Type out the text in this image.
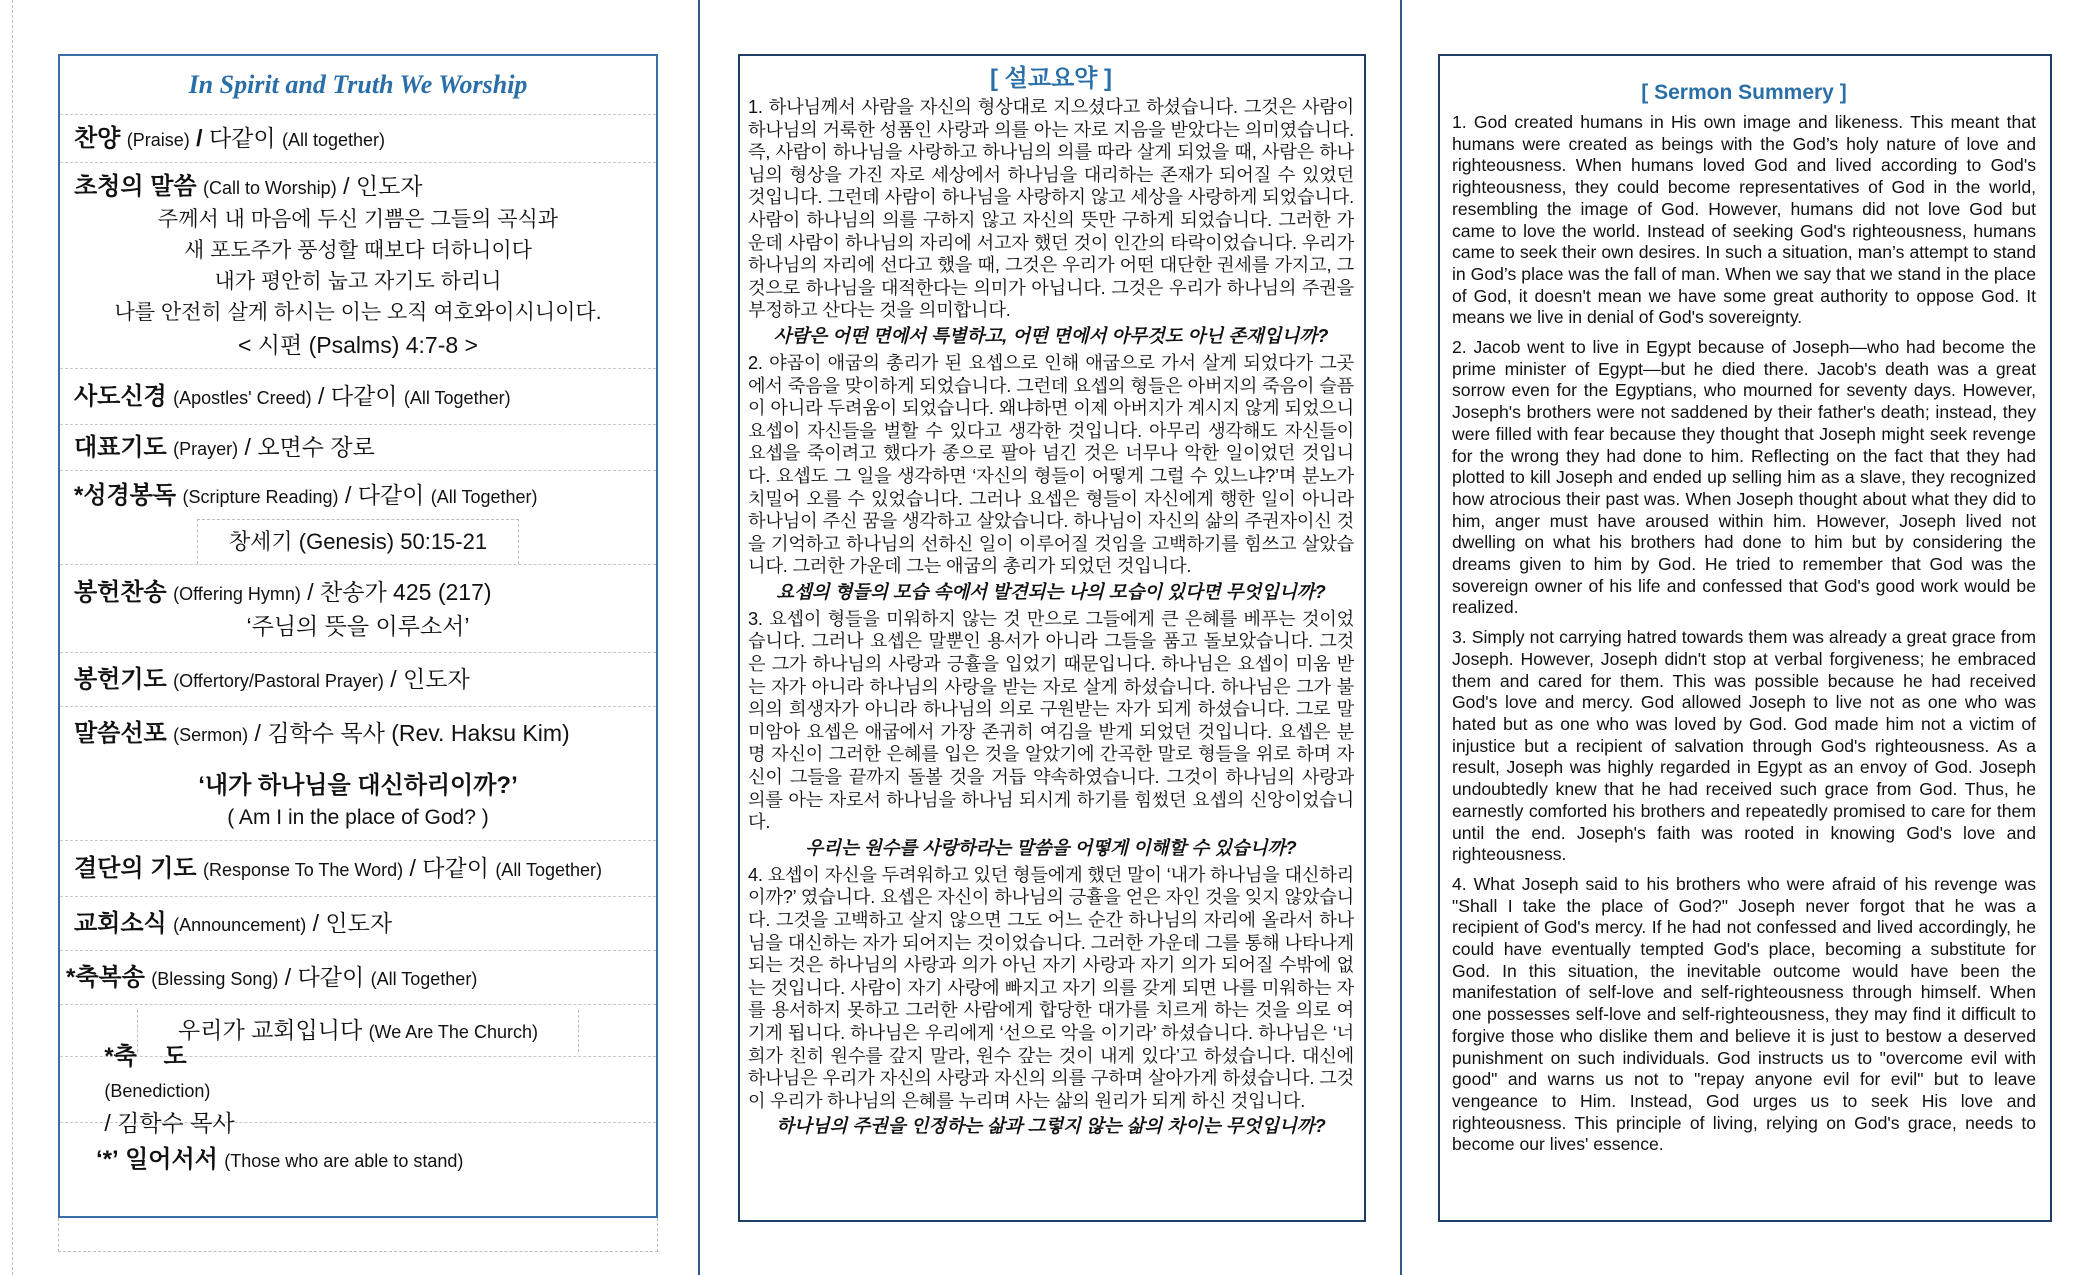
In Spirit and Truth We Worship
찬양 (Praise) / 다같이 (All together)
초청의 말씀 (Call to Worship) / 인도자
주께서 내 마음에 두신 기쁨은 그들의 곡식과
새 포도주가 풍성할 때보다 더하니이다
내가 평안히 눕고 자기도 하리니
나를 안전히 살게 하시는 이는 오직 여호와이시니이다.
< 시편 (Psalms) 4:7-8 >
사도신경 (Apostles' Creed) / 다같이 (All Together)
대표기도 (Prayer) / 오면수 장로
*성경봉독 (Scripture Reading) / 다같이 (All Together)
창세기 (Genesis) 50:15-21
봉헌찬송 (Offering Hymn) / 찬송가 425 (217)
‘주님의 뜻을 이루소서’
봉헌기도 (Offertory/Pastoral Prayer) / 인도자
말씀선포 (Sermon) / 김학수 목사 (Rev. Haksu Kim)
‘내가 하나님을 대신하리이까?’
( Am I in the place of God? )
결단의 기도 (Response To The Word) / 다같이 (All Together)
교회소식 (Announcement) / 인도자
*축복송 (Blessing Song) / 다같이 (All Together)
우리가 교회입니다 (We Are The Church)

*축    도
(Benediction)
/ 김학수 목사

‘*’ 일어서서 (Those who are able to stand)
[ 설교요약 ]

1. 하나님께서 사람을 자신의 형상대로 지으셨다고 하셨습니다. 그것은 사람이 하나님의 거룩한 성품인 사랑과 의를 아는 자로 지음을 받았다는 의미였습니다. 즉, 사람이 하나님을 사랑하고 하나님의 의를 따라 살게 되었을 때, 사람은 하나님의 형상을 가진 자로 세상에서 하나님을 대리하는 존재가 되어질 수 있었던 것입니다. 그런데 사람이 하나님을 사랑하지 않고 세상을 사랑하게 되었습니다. 사람이 하나님의 의를 구하지 않고 자신의 뜻만 구하게 되었습니다. 그러한 가운데 사람이 하나님의 자리에 서고자 했던 것이 인간의 타락이었습니다. 우리가 하나님의 자리에 선다고 했을 때, 그것은 우리가 어떤 대단한 권세를 가지고, 그것으로 하나님을 대적한다는 의미가 아닙니다. 그것은 우리가 하나님의 주권을 부정하고 산다는 것을 의미합니다.

사람은 어떤 면에서 특별하고, 어떤 면에서 아무것도 아닌 존재입니까?

2. 야곱이 애굽의 총리가 된 요셉으로 인해 애굽으로 가서 살게 되었다가 그곳에서 죽음을 맞이하게 되었습니다. 그런데 요셉의 형들은 아버지의 죽음이 슬픔이 아니라 두려움이 되었습니다. 왜냐하면 이제 아버지가 계시지 않게 되었으니 요셉이 자신들을 벌할 수 있다고 생각한 것입니다. 아무리 생각해도 자신들이 요셉을 죽이려고 했다가 종으로 팔아 넘긴 것은 너무나 악한 일이었던 것입니다. 요셉도 그 일을 생각하면 ‘자신의 형들이 어떻게 그럴 수 있느냐?’며 분노가 치밀어 오를 수 있었습니다. 그러나 요셉은 형들이 자신에게 행한 일이 아니라 하나님이 주신 꿈을 생각하고 살았습니다. 하나님이 자신의 삶의 주권자이신 것을 기억하고 하나님의 선하신 일이 이루어질 것임을 고백하기를 힘쓰고 살았습니다. 그러한 가운데 그는 애굽의 총리가 되었던 것입니다.

요셉의 형들의 모습 속에서 발견되는 나의 모습이 있다면 무엇입니까?

3. 요셉이 형들을 미워하지 않는 것 만으로 그들에게 큰 은혜를 베푸는 것이었습니다. 그러나 요셉은 말뿐인 용서가 아니라 그들을 품고 돌보았습니다. 그것은 그가 하나님의 사랑과 긍휼을 입었기 때문입니다. 하나님은 요셉이 미움 받는 자가 아니라 하나님의 사랑을 받는 자로 살게 하셨습니다. 하나님은 그가 불의의 희생자가 아니라 하나님의 의로 구원받는 자가 되게 하셨습니다. 그로 말미암아 요셉은 애굽에서 가장 존귀히 여김을 받게 되었던 것입니다. 요셉은 분명 자신이 그러한 은혜를 입은 것을 알았기에 간곡한 말로 형들을 위로 하며 자신이 그들을 끝까지 돌볼 것을 거듭 약속하였습니다. 그것이 하나님의 사랑과 의를 아는 자로서 하나님을 하나님 되시게 하기를 힘썼던 요셉의 신앙이었습니다.

우리는 원수를 사랑하라는 말씀을 어떻게 이해할 수 있습니까?

4. 요셉이 자신을 두려워하고 있던 형들에게 했던 말이 ‘내가 하나님을 대신하리이까?’ 였습니다. 요셉은 자신이 하나님의 긍휼을 얻은 자인 것을 잊지 않았습니다. 그것을 고백하고 살지 않으면 그도 어느 순간 하나님의 자리에 올라서 하나님을 대신하는 자가 되어지는 것이었습니다. 그러한 가운데 그를 통해 나타나게 되는 것은 하나님의 사랑과 의가 아닌 자기 사랑과 자기 의가 되어질 수밖에 없는 것입니다. 사람이 자기 사랑에 빠지고 자기 의를 갖게 되면 나를 미워하는 자를 용서하지 못하고 그러한 사람에게 합당한 대가를 치르게 하는 것을 의로 여기게 됩니다. 하나님은 우리에게 ‘선으로 악을 이기라’ 하셨습니다. 하나님은 ‘너희가 친히 원수를 갚지 말라, 원수 갚는 것이 내게 있다’고 하셨습니다. 대신에 하나님은 우리가 자신의 사랑과 자신의 의를 구하며 살아가게 하셨습니다. 그것이 우리가 하나님의 은혜를 누리며 사는 삶의 원리가 되게 하신 것입니다.

하나님의 주권을 인정하는 삶과 그렇지 않는 삶의 차이는 무엇입니까?

[ Sermon Summery ]

1. God created humans in His own image and likeness. This meant that humans were created as beings with the God’s holy nature of love and righteousness. When humans loved God and lived according to God's righteousness, they could become representatives of God in the world, resembling the image of God. However, humans did not love God but came to love the world. Instead of seeking God's righteousness, humans came to seek their own desires. In such a situation, man’s attempt to stand in God’s place was the fall of man. When we say that we stand in the place of God, it doesn't mean we have some great authority to oppose God. It means we live in denial of God's sovereignty.

2. Jacob went to live in Egypt because of Joseph—who had become the prime minister of Egypt—but he died there. Jacob's death was a great sorrow even for the Egyptians, who mourned for seventy days. However, Joseph's brothers were not saddened by their father's death; instead, they were filled with fear because they thought that Joseph might seek revenge for the wrong they had done to him. Reflecting on the fact that they had plotted to kill Joseph and ended up selling him as a slave, they recognized how atrocious their past was. When Joseph thought about what they did to him, anger must have aroused within him. However, Joseph lived not dwelling on what his brothers had done to him but by considering the dreams given to him by God. He tried to remember that God was the sovereign owner of his life and confessed that God's good work would be realized.

3. Simply not carrying hatred towards them was already a great grace from Joseph. However, Joseph didn't stop at verbal forgiveness; he embraced them and cared for them. This was possible because he had received God's love and mercy. God allowed Joseph to live not as one who was hated but as one who was loved by God. God made him not a victim of injustice but a recipient of salvation through God's righteousness. As a result, Joseph was highly regarded in Egypt as an envoy of God. Joseph undoubtedly knew that he had received such grace from God. Thus, he earnestly comforted his brothers and repeatedly promised to care for them until the end. Joseph's faith was rooted in knowing God's love and righteousness.

4. What Joseph said to his brothers who were afraid of his revenge was "Shall I take the place of God?" Joseph never forgot that he was a recipient of God's mercy. If he had not confessed and lived accordingly, he could have eventually tempted God's place, becoming a substitute for God. In this situation, the inevitable outcome would have been the manifestation of self-love and self-righteousness through himself. When one possesses self-love and self-righteousness, they may find it difficult to forgive those who dislike them and believe it is just to bestow a deserved punishment on such individuals. God instructs us to "overcome evil with good" and warns us not to "repay anyone evil for evil" but to leave vengeance to Him. Instead, God urges us to seek His love and righteousness. This principle of living, relying on God's grace, needs to become our lives' essence.
